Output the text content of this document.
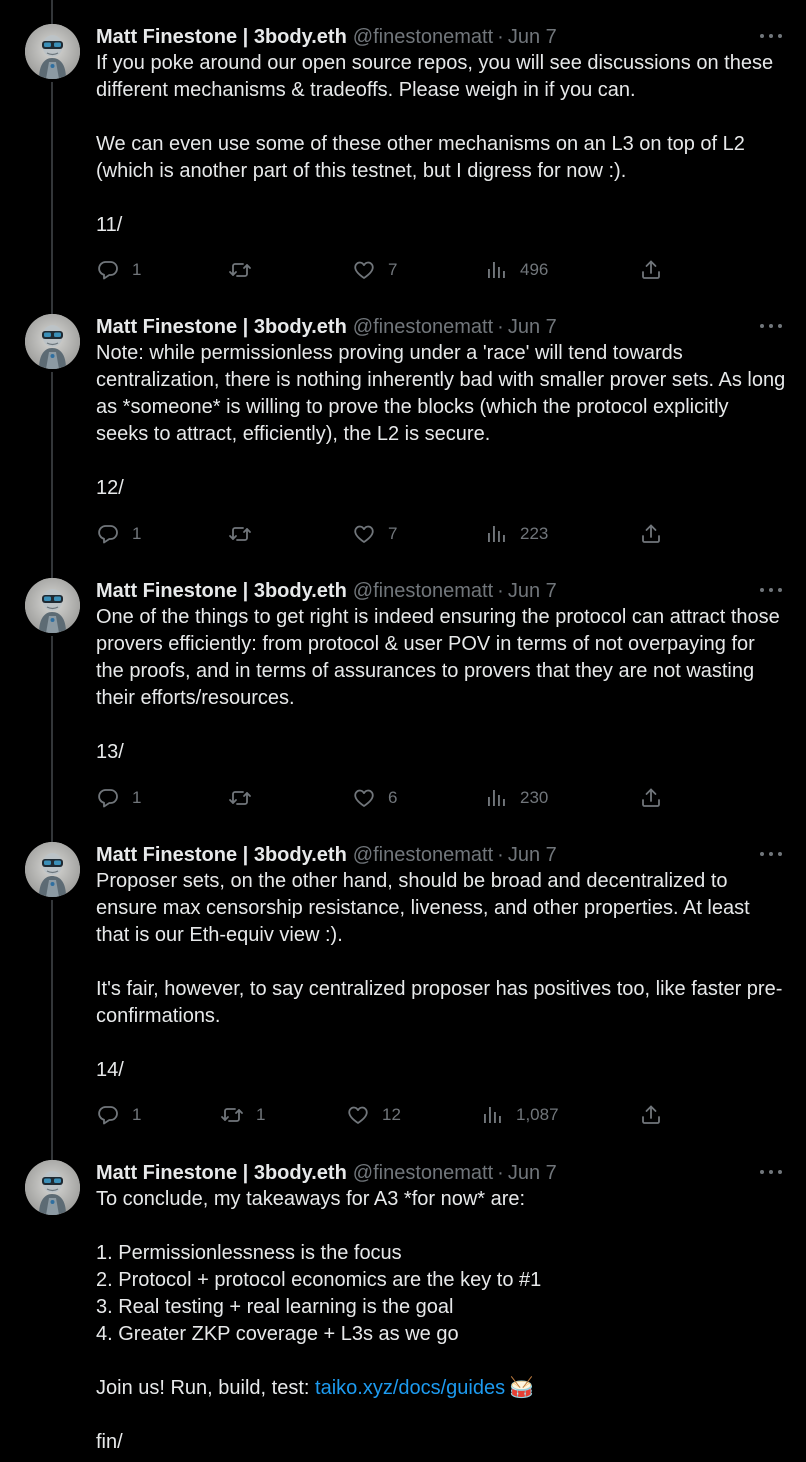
Matt Finestone | 3body.eth @finestonematt · Jun 7

If you poke around our open source repos, you will see discussions on these different mechanisms & tradeoffs. Please weigh in if you can.

We can even use some of these other mechanisms on an L3 on top of L2 (which is another part of this testnet, but I digress for now :).

11/

1	7	496
Matt Finestone | 3body.eth @finestonematt · Jun 7

Note: while permissionless proving under a 'race' will tend towards centralization, there is nothing inherently bad with smaller prover sets. As long as *someone* is willing to prove the blocks (which the protocol explicitly seeks to attract, efficiently), the L2 is secure.

12/

1	7	223
Matt Finestone | 3body.eth @finestonematt · Jun 7

One of the things to get right is indeed ensuring the protocol can attract those provers efficiently: from protocol & user POV in terms of not overpaying for the proofs, and in terms of assurances to provers that they are not wasting their efforts/resources.

13/

1	6	230
Matt Finestone | 3body.eth @finestonematt · Jun 7

Proposer sets, on the other hand, should be broad and decentralized to ensure max censorship resistance, liveness, and other properties. At least that is our Eth-equiv view :).

It's fair, however, to say centralized proposer has positives too, like faster pre-confirmations.

14/

1	1	12	1,087
Matt Finestone | 3body.eth @finestonematt · Jun 7

To conclude, my takeaways for A3 *for now* are:

1. Permissionlessness is the focus
2. Protocol + protocol economics are the key to #1
3. Real testing + real learning is the goal
4. Greater ZKP coverage + L3s as we go

Join us! Run, build, test: taiko.xyz/docs/guides 🥁

fin/
